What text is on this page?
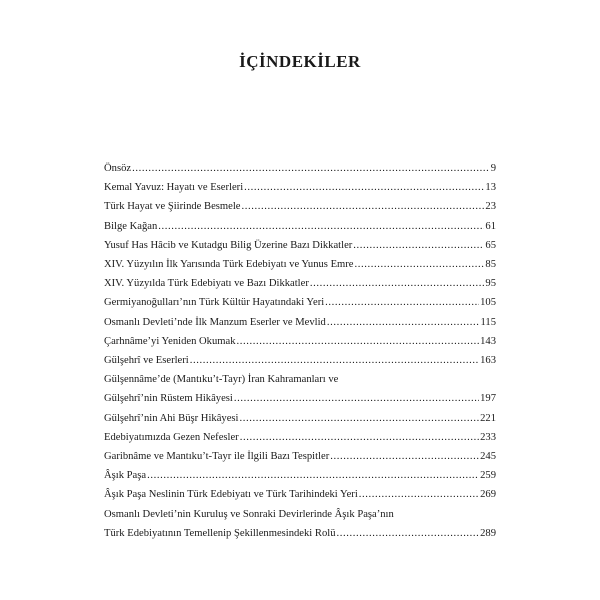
İÇİNDEKİLER
Önsöz .....	9
Kemal Yavuz: Hayatı ve Eserleri .....	13
Türk Hayat ve Şiirinde Besmele .....	23
Bilge Kağan .....	61
Yusuf Has Hâcib ve Kutadgu Bilig Üzerine Bazı Dikkatler .....	65
XIV. Yüzyılın İlk Yarısında Türk Edebiyatı ve Yunus Emre .....	85
XIV. Yüzyılda Türk Edebiyatı ve Bazı Dikkatler .....	95
Germiyanoğulları’nın Türk Kültür Hayatındaki Yeri .....	105
Osmanlı Devleti’nde İlk Manzum Eserler ve Mevlid .....	115
Çarhnâme’yi Yeniden Okumak .....	143
Gülşehrî ve Eserleri .....	163
Gülşennâme’de (Mantıku’t-Tayr) İran Kahramanları ve
Gülşehrî’nin Rüstem Hikâyesi .....	197
Gülşehrî’nin Ahi Büşr Hikâyesi .....	221
Edebiyatımızda Gezen Nefesler .....	233
Garibnâme ve Mantıku’t-Tayr ile İlgili Bazı Tespitler .....	245
Âşık Paşa .....	259
Âşık Paşa Neslinin Türk Edebiyatı ve Türk Tarihindeki Yeri .....	269
Osmanlı Devleti’nin Kuruluş ve Sonraki Devirlerinde Âşık Paşa’nın
Türk Edebiyatının Temellenip Şekillenmesindeki Rolü .....	289
